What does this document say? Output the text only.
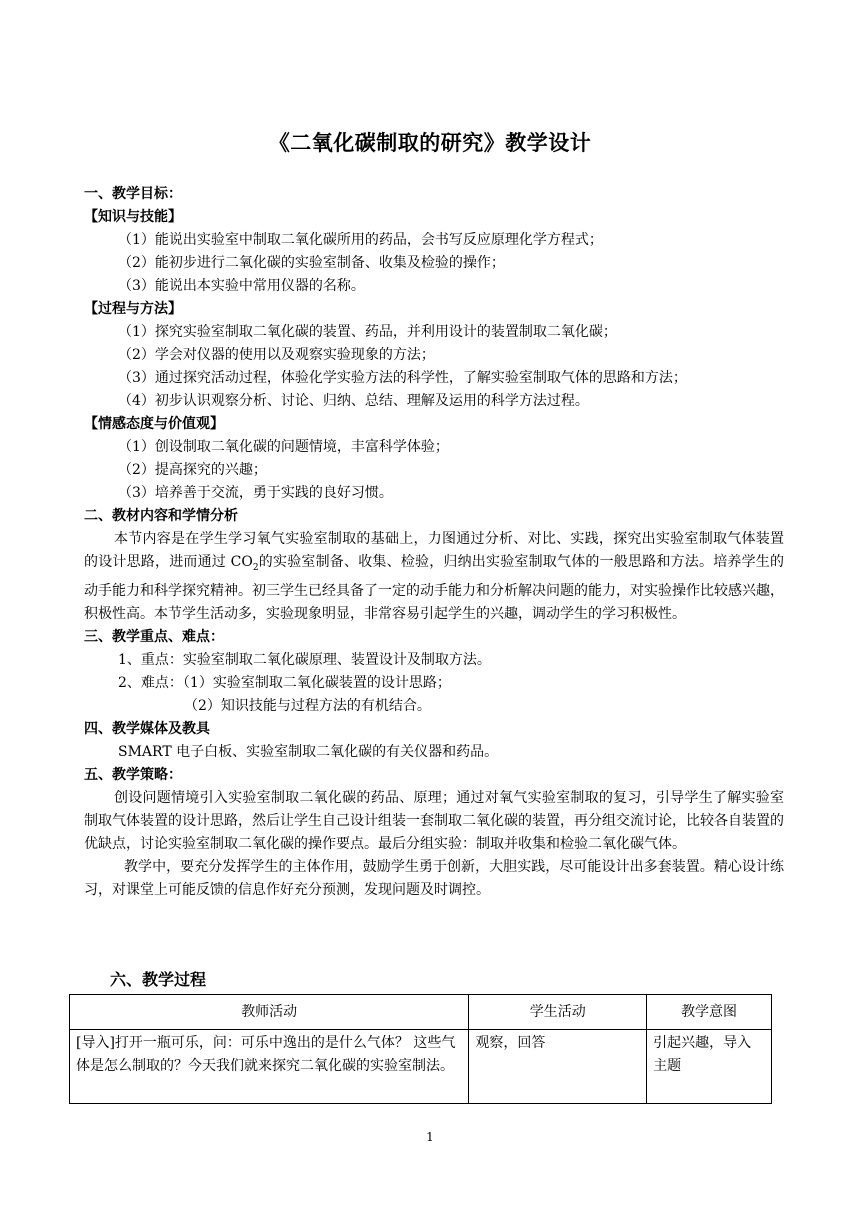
《二氧化碳制取的研究》教学设计
一、教学目标：
【知识与技能】
（1）能说出实验室中制取二氧化碳所用的药品，会书写反应原理化学方程式；
（2）能初步进行二氧化碳的实验室制备、收集及检验的操作；
（3）能说出本实验中常用仪器的名称。
【过程与方法】
（1）探究实验室制取二氧化碳的装置、药品，并利用设计的装置制取二氧化碳；
（2）学会对仪器的使用以及观察实验现象的方法；
（3）通过探究活动过程，体验化学实验方法的科学性，了解实验室制取气体的思路和方法；
（4）初步认识观察分析、讨论、归纳、总结、理解及运用的科学方法过程。
【情感态度与价值观】
（1）创设制取二氧化碳的问题情境，丰富科学体验；
（2）提高探究的兴趣；
（3）培养善于交流，勇于实践的良好习惯。
二、教材内容和学情分析

本节内容是在学生学习氧气实验室制取的基础上，力图通过分析、对比、实践，探究出实验室制取气体装置的设计思路，进而通过 $CO_2$的实验室制备、收集、检验，归纳出实验室制取气体的一般思路和方法。培养学生的动手能力和科学探究精神。初三学生已经具备了一定的动手能力和分析解决问题的能力，对实验操作比较感兴趣，积极性高。本节学生活动多，实验现象明显，非常容易引起学生的兴趣，调动学生的学习积极性。

三、教学重点、难点：
1、重点：实验室制取二氧化碳原理、装置设计及制取方法。
2、难点：（1）实验室制取二氧化碳装置的设计思路；
（2）知识技能与过程方法的有机结合。
四、教学媒体及教具
SMART 电子白板、实验室制取二氧化碳的有关仪器和药品。
五、教学策略：

创设问题情境引入实验室制取二氧化碳的药品、原理；通过对氧气实验室制取的复习，引导学生了解实验室制取气体装置的设计思路，然后让学生自己设计组装一套制取二氧化碳的装置，再分组交流讨论，比较各自装置的优缺点，讨论实验室制取二氧化碳的操作要点。最后分组实验：制取并收集和检验二氧化碳气体。

教学中，要充分发挥学生的主体作用，鼓励学生勇于创新，大胆实践，尽可能设计出多套装置。精心设计练习，对课堂上可能反馈的信息作好充分预测，发现问题及时调控。

六、教学过程
教师活动	学生活动	教学意图
[导入]打开一瓶可乐，问：可乐中逸出的是什么气体？ 这些气体是怎么制取的？今天我们就来探究二氧化碳的实验室制法。	观察，回答	引起兴趣，导入主题
1
